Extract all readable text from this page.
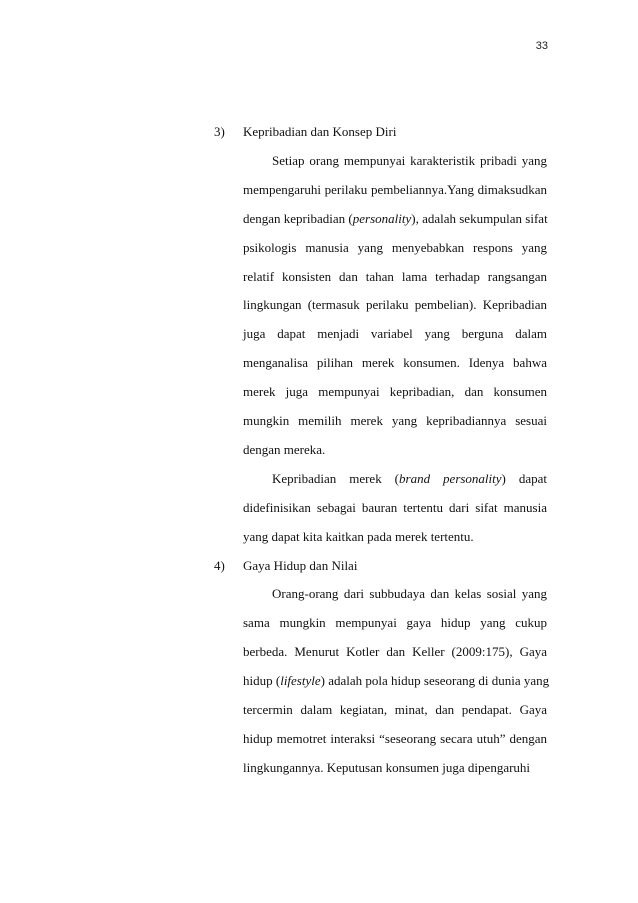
33
3) Kepribadian dan Konsep Diri
Setiap orang mempunyai karakteristik pribadi yang
mempengaruhi perilaku pembeliannya.Yang dimaksudkan
dengan kepribadian (personality), adalah sekumpulan sifat
psikologis manusia yang menyebabkan respons yang
relatif konsisten dan tahan lama terhadap rangsangan
lingkungan (termasuk perilaku pembelian). Kepribadian
juga dapat menjadi variabel yang berguna dalam
menganalisa pilihan merek konsumen. Idenya bahwa
merek juga mempunyai kepribadian, dan konsumen
mungkin memilih merek yang kepribadiannya sesuai
dengan mereka.
Kepribadian merek (brand personality) dapat
didefinisikan sebagai bauran tertentu dari sifat manusia
yang dapat kita kaitkan pada merek tertentu.
4) Gaya Hidup dan Nilai
Orang-orang dari subbudaya dan kelas sosial yang
sama mungkin mempunyai gaya hidup yang cukup
berbeda. Menurut Kotler dan Keller (2009:175), Gaya
hidup (lifestyle) adalah pola hidup seseorang di dunia yang
tercermin dalam kegiatan, minat, dan pendapat. Gaya
hidup memotret interaksi “seseorang secara utuh” dengan
lingkungannya. Keputusan konsumen juga dipengaruhi
